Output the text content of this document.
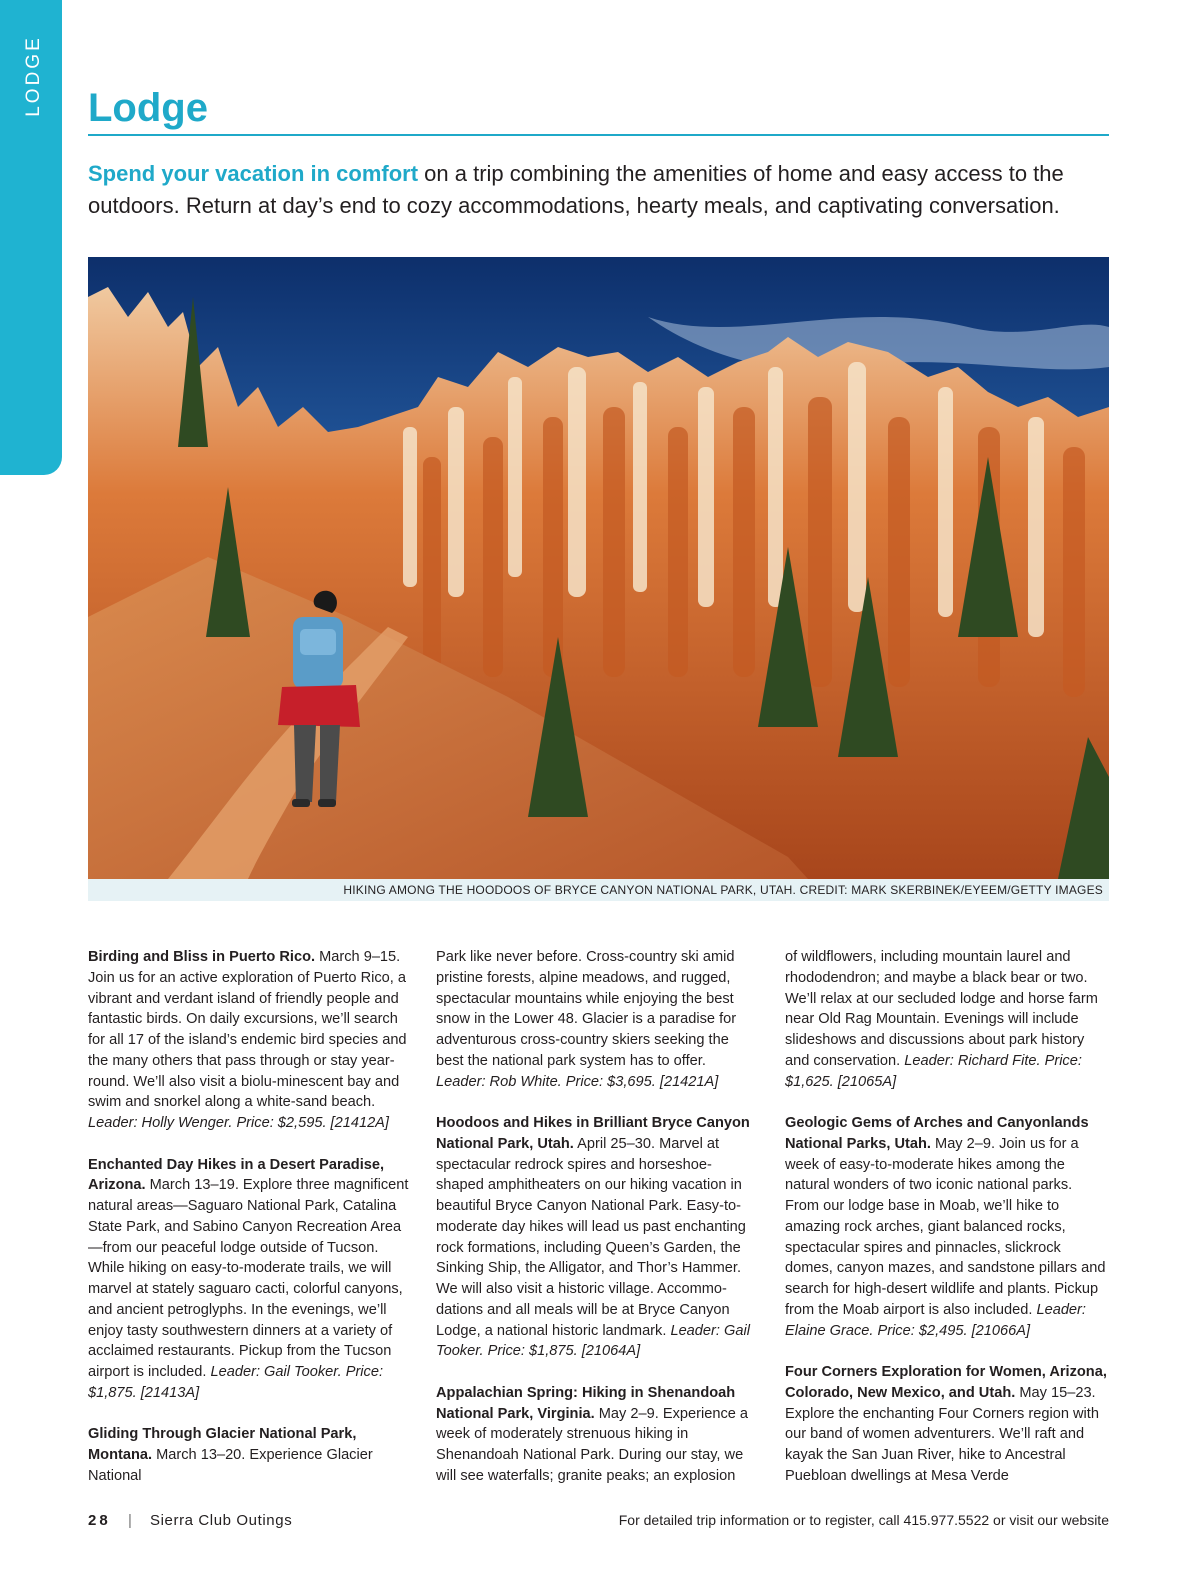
LODGE Lodge

Spend your vacation in comfort on a trip combining the amenities of home and easy access to the outdoors. Return at day’s end to cozy accommodations, hearty meals, and captivating conversation.

HIKING AMONG THE HOODOOS OF BRYCE CANYON NATIONAL PARK, UTAH. CREDIT: MARK SKERBINEK/EYEEM/GETTY IMAGES

Birding and Bliss in Puerto Rico. March 9–15. Join us for an active exploration of Puerto Rico, a vibrant and verdant island of friendly people and fantastic birds. On daily excursions, we’ll search for all 17 of the island’s endemic bird species and the many others that pass through or stay year-round. We’ll also visit a biolu-minescent bay and swim and snorkel along a white-sand beach. Leader: Holly Wenger. Price: $2,595. [21412A]

Enchanted Day Hikes in a Desert Paradise, Arizona. March 13–19. Explore three magnificent natural areas—Saguaro National Park, Catalina State Park, and Sabino Canyon Recreation Area—from our peaceful lodge outside of Tucson. While hiking on easy-to-moderate trails, we will marvel at stately saguaro cacti, colorful canyons, and ancient petroglyphs. In the evenings, we’ll enjoy tasty southwestern dinners at a variety of acclaimed restaurants. Pickup from the Tucson airport is included. Leader: Gail Tooker. Price: $1,875. [21413A]

Gliding Through Glacier National Park, Montana. March 13–20. Experience Glacier National

Park like never before. Cross-country ski amid pristine forests, alpine meadows, and rugged, spectacular mountains while enjoying the best snow in the Lower 48. Glacier is a paradise for adventurous cross-country skiers seeking the best the national park system has to offer. Leader: Rob White. Price: $3,695. [21421A]

Hoodoos and Hikes in Brilliant Bryce Canyon National Park, Utah. April 25–30. Marvel at spectacular redrock spires and horseshoe-shaped amphitheaters on our hiking vacation in beautiful Bryce Canyon National Park. Easy-to-moderate day hikes will lead us past enchanting rock formations, including Queen’s Garden, the Sinking Ship, the Alligator, and Thor’s Hammer. We will also visit a historic village. Accommo-dations and all meals will be at Bryce Canyon Lodge, a national historic landmark. Leader: Gail Tooker. Price: $1,875. [21064A]

Appalachian Spring: Hiking in Shenandoah National Park, Virginia. May 2–9. Experience a week of moderately strenuous hiking in Shenandoah National Park. During our stay, we will see waterfalls; granite peaks; an explosion

of wildflowers, including mountain laurel and rhododendron; and maybe a black bear or two. We’ll relax at our secluded lodge and horse farm near Old Rag Mountain. Evenings will include slideshows and discussions about park history and conservation. Leader: Richard Fite. Price: $1,625. [21065A]

Geologic Gems of Arches and Canyonlands National Parks, Utah. May 2–9. Join us for a week of easy-to-moderate hikes among the natural wonders of two iconic national parks. From our lodge base in Moab, we’ll hike to amazing rock arches, giant balanced rocks, spectacular spires and pinnacles, slickrock domes, canyon mazes, and sandstone pillars and search for high-desert wildlife and plants. Pickup from the Moab airport is also included. Leader: Elaine Grace. Price: $2,495. [21066A]

Four Corners Exploration for Women, Arizona, Colorado, New Mexico, and Utah. May 15–23. Explore the enchanting Four Corners region with our band of women adventurers. We’ll raft and kayak the San Juan River, hike to Ancestral Puebloan dwellings at Mesa Verde

28 | Sierra Club Outings	For detailed trip information or to register, call 415.977.5522 or visit our website
